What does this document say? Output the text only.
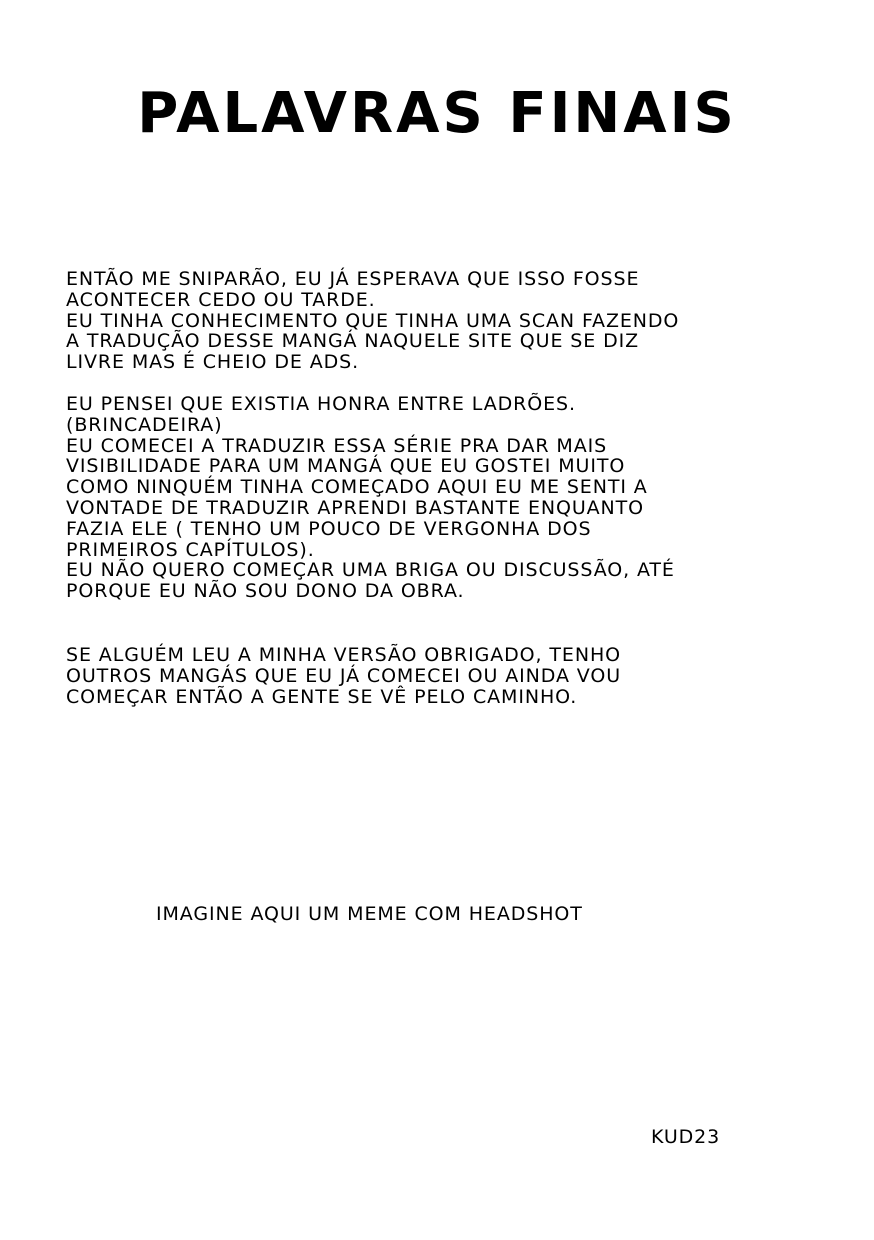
PALAVRAS FINAIS

ENTÃO ME SNIPARÃO, EU JÁ ESPERAVA QUE ISSO FOSSE
ACONTECER CEDO OU TARDE.
EU TINHA CONHECIMENTO QUE TINHA UMA SCAN FAZENDO
A TRADUÇÃO DESSE MANGÁ NAQUELE SITE QUE SE DIZ
LIVRE MAS É CHEIO DE ADS.

EU PENSEI QUE EXISTIA HONRA ENTRE LADRÕES.
(BRINCADEIRA)
EU COMECEI A TRADUZIR ESSA SÉRIE PRA DAR MAIS
VISIBILIDADE PARA UM MANGÁ QUE EU GOSTEI MUITO
COMO NINQUÉM TINHA COMEÇADO AQUI EU ME SENTI A
VONTADE DE TRADUZIR APRENDI BASTANTE ENQUANTO
FAZIA ELE ( TENHO UM POUCO DE VERGONHA DOS
PRIMEIROS CAPÍTULOS).
EU NÃO QUERO COMEÇAR UMA BRIGA OU DISCUSSÃO, ATÉ
PORQUE EU NÃO SOU DONO DA OBRA.

SE ALGUÉM LEU A MINHA VERSÃO OBRIGADO, TENHO
OUTROS MANGÁS QUE EU JÁ COMECEI OU AINDA VOU
COMEÇAR ENTÃO A GENTE SE VÊ PELO CAMINHO.

IMAGINE AQUI UM MEME COM HEADSHOT

KUD23
